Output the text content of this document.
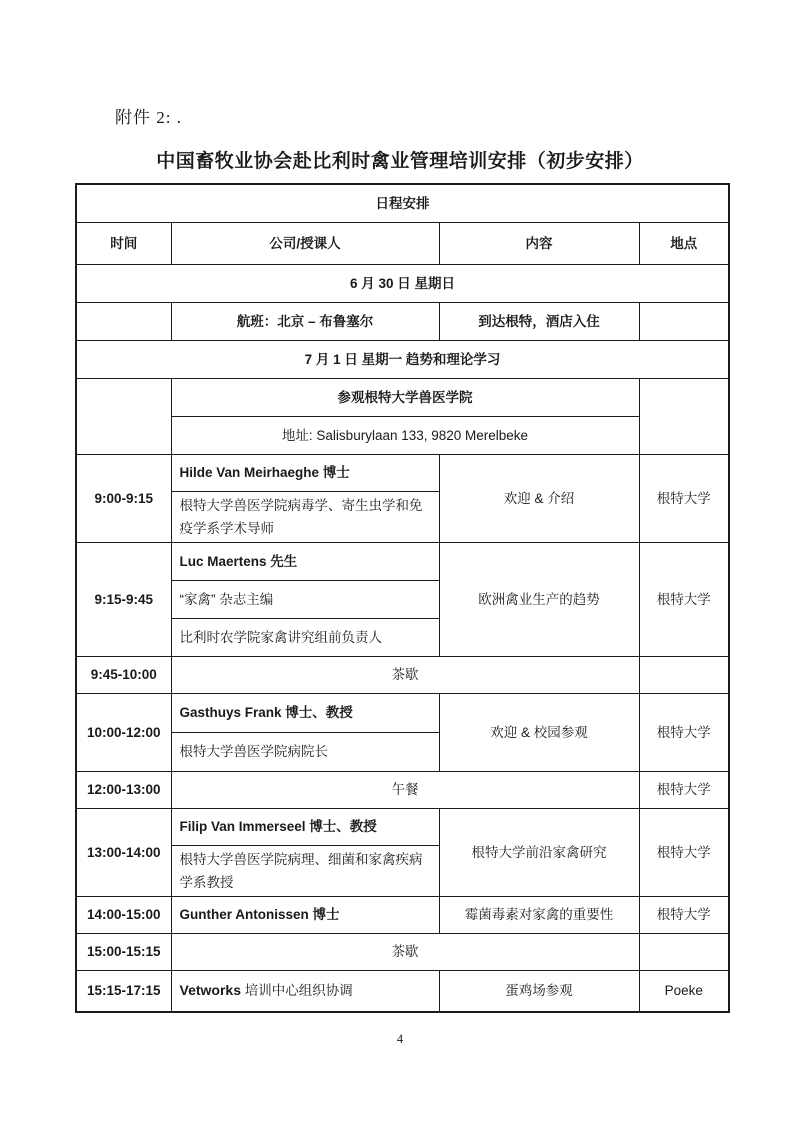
附件 2: .
中国畜牧业协会赴比利时禽业管理培训安排（初步安排）
日程安排			
时间	公司/授课人	内容	地点
6 月 30 日 星期日			
	航班：北京 – 布鲁塞尔	到达根特，酒店入住	
7 月 1 日 星期一 趋势和理论学习			
	参观根特大学兽医学院		
	地址: Salisburylaan 133, 9820 Merelbeke		
9:00-9:15	Hilde Van Meirhaeghe 博士	欢迎 & 介绍	根特大学
	根特大学兽医学院病毒学、寄生虫学和免疫学系学术导师		
9:15-9:45	Luc Maertens 先生	欧洲禽业生产的趋势	根特大学
	“家禽” 杂志主编		
	比利时农学院家禽讲究组前负责人		
9:45-10:00	茶歇		
10:00-12:00	Gasthuys Frank 博士、教授	欢迎 & 校园参观	根特大学
	根特大学兽医学院病院长		
12:00-13:00	午餐		根特大学
13:00-14:00	Filip Van Immerseel 博士、教授	根特大学前沿家禽研究	根特大学
	根特大学兽医学院病理、细菌和家禽疾病学系教授		
14:00-15:00	Gunther Antonissen 博士	霉菌毒素对家禽的重要性	根特大学
15:00-15:15	茶歇		
15:15-17:15	Vetworks 培训中心组织协调	蛋鸡场参观	Poeke
4
